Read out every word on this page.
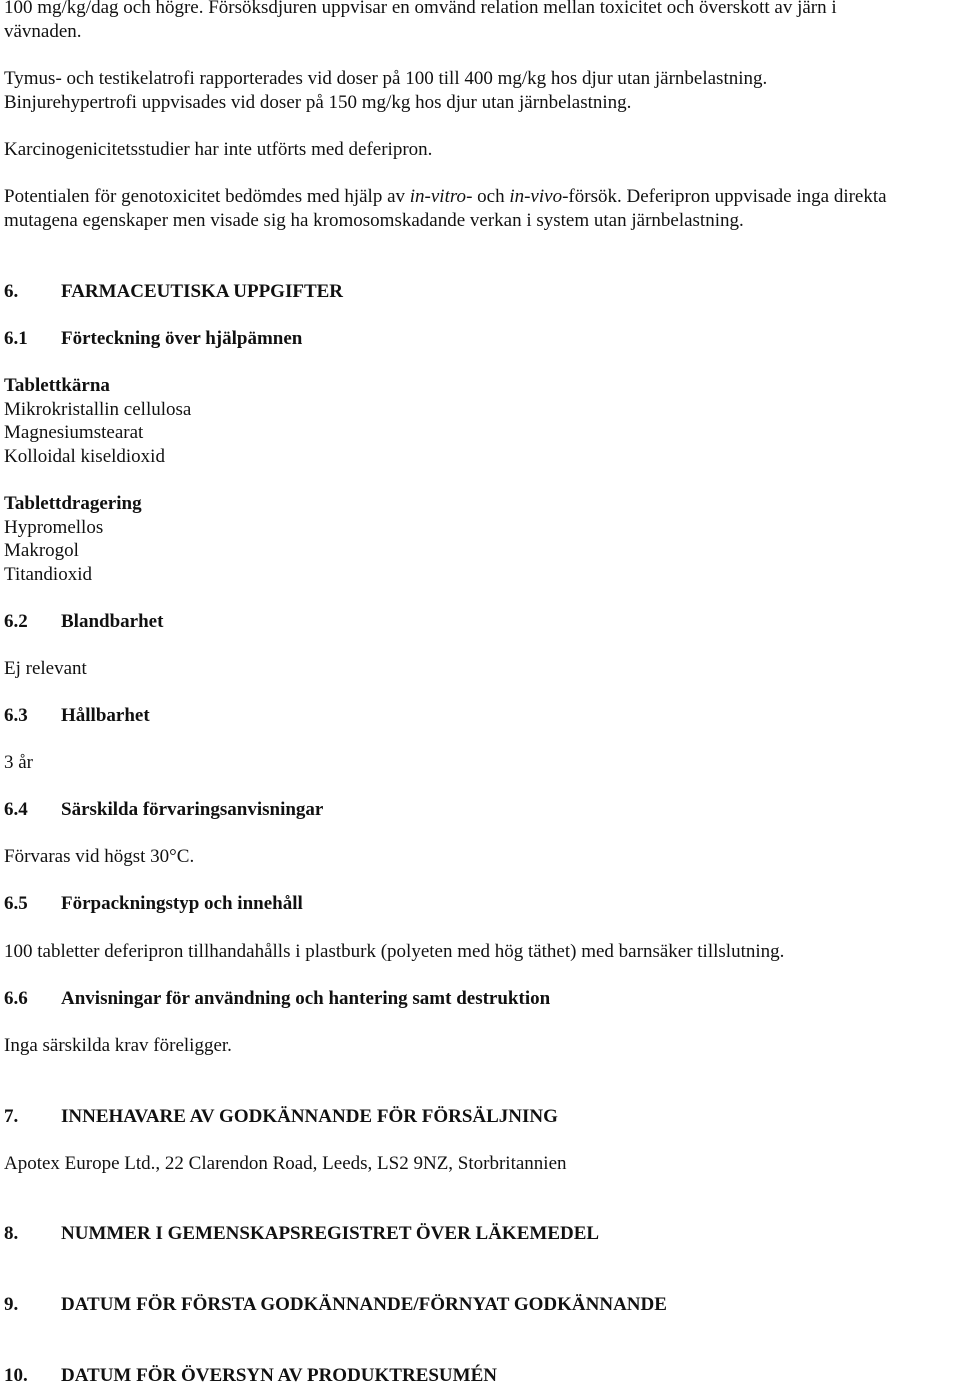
100 mg/kg/dag och högre. Försöksdjuren uppvisar en omvänd relation mellan toxicitet och överskott av järn i
vävnaden.
Tymus- och testikelatrofi rapporterades vid doser på 100 till 400 mg/kg hos djur utan järnbelastning.
Binjurehypertrofi uppvisades vid doser på 150 mg/kg hos djur utan järnbelastning.
Karcinogenicitetsstudier har inte utförts med deferipron.
Potentialen för genotoxicitet bedömdes med hjälp av in-vitro- och in-vivo-försök. Deferipron uppvisade inga direkta
mutagena egenskaper men visade sig ha kromosomskadande verkan i system utan järnbelastning.
6. FARMACEUTISKA UPPGIFTER
6.1 Förteckning över hjälpämnen
Tablettkärna
Mikrokristallin cellulosa
Magnesiumstearat
Kolloidal kiseldioxid
Tablettdragering
Hypromellos
Makrogol
Titandioxid
6.2 Blandbarhet
Ej relevant
6.3 Hållbarhet
3 år
6.4 Särskilda förvaringsanvisningar
Förvaras vid högst 30°C.
6.5 Förpackningstyp och innehåll
100 tabletter deferipron tillhandahålls i plastburk (polyeten med hög täthet) med barnsäker tillslutning.
6.6 Anvisningar för användning och hantering samt destruktion
Inga särskilda krav föreligger.
7. INNEHAVARE AV GODKÄNNANDE FÖR FÖRSÄLJNING
Apotex Europe Ltd., 22 Clarendon Road, Leeds, LS2 9NZ, Storbritannien
8. NUMMER I GEMENSKAPSREGISTRET ÖVER LÄKEMEDEL
9. DATUM FÖR FÖRSTA GODKÄNNANDE/FÖRNYAT GODKÄNNANDE
10. DATUM FÖR ÖVERSYN AV PRODUKTRESUMÉN
